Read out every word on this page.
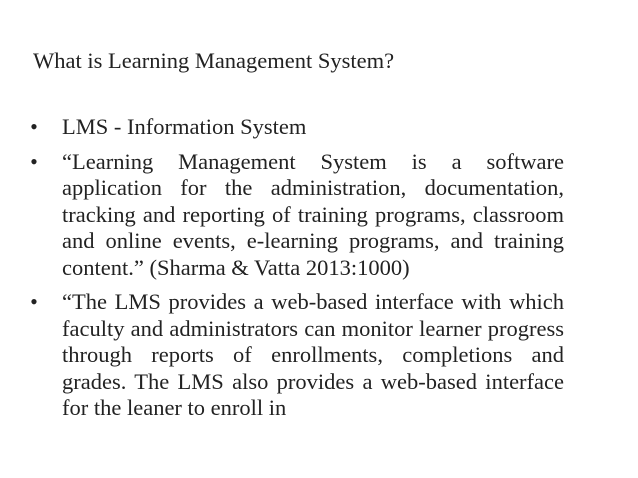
What is Learning Management System?
• LMS - Information System
• “Learning Management System is a software application for the administration, documentation, tracking and reporting of training programs, classroom and online events, e-learning programs, and training content.” (Sharma & Vatta 2013:1000)
• “The LMS provides a web-based interface with which faculty and administrators can monitor learner progress through reports of enrollments, completions and grades. The LMS also provides a web-based interface for the leaner to enroll in
